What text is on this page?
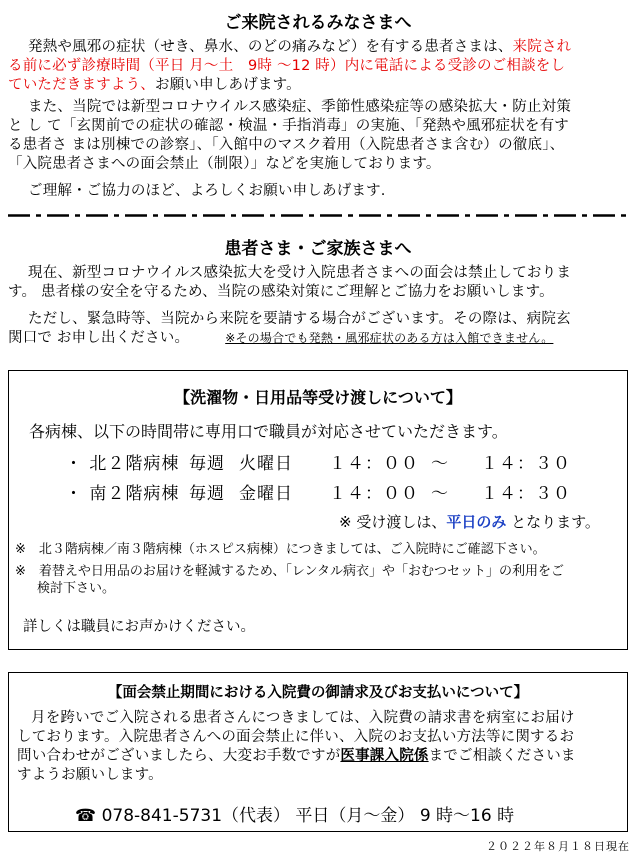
ご来院されるみなさまへ
発熱や風邪の症状（せき、鼻水、のどの痛みなど）を有する患者さまは、来院され
る前に必ず診療時間（平日 月〜土　9時 〜12 時）内に電話による受診のご相談をし
ていただきますよう、お願い申しあげます。
また、当院では新型コロナウイルス感染症、季節性感染症等の感染拡大・防止対策
と し て「玄関前での症状の確認・検温・手指消毒」の実施、「発熱や風邪症状を有す
る患者さ まは別棟での診察」、「入館中のマスク着用（入院患者さま含む）の徹底」、
「入院患者さまへの面会禁止（制限）」などを実施しております。
ご理解・ご協力のほど、よろしくお願い申しあげます.
患者さま・ご家族さまへ
現在、新型コロナウイルス感染拡大を受け入院患者さまへの面会は禁止しておりま
す。 患者様の安全を守るため、当院の感染対策にご理解とご協力をお願いします。
ただし、緊急時等、当院から来院を要請する場合がございます。その際は、病院玄
関口で お申し出ください。	※その場合でも発熱・風邪症状のある方は入館できません。
【洗濯物・日用品等受け渡しについて】
各病棟、以下の時間帯に専用口で職員が対応させていただきます。
・ 北２階病棟 毎週 火曜日 １４：００ 〜 １４：３０
・ 南２階病棟 毎週 金曜日 １４：００ 〜 １４：３０
※ 受け渡しは、平日のみ となります。
※　北３階病棟／南３階病棟（ホスピス病棟）につきましては、ご入院時にご確認下さい。
※　着替えや日用品のお届けを軽減するため、「レンタル病衣」や「おむつセット」の利用をご
検討下さい。
詳しくは職員にお声かけください。
【面会禁止期間における入院費の御請求及びお支払いについて】
月を跨いでご入院される患者さんにつきましては、入院費の請求書を病室にお届け
しております。入院患者さんへの面会禁止に伴い、入院のお支払い方法等に関するお
問い合わせがございましたら、大変お手数ですが医事課入院係までご相談くださいま
すようお願いします。
☎ 078-841-5731（代表） 平日（月〜金） 9 時〜16 時
２０２２年８月１８日現在
